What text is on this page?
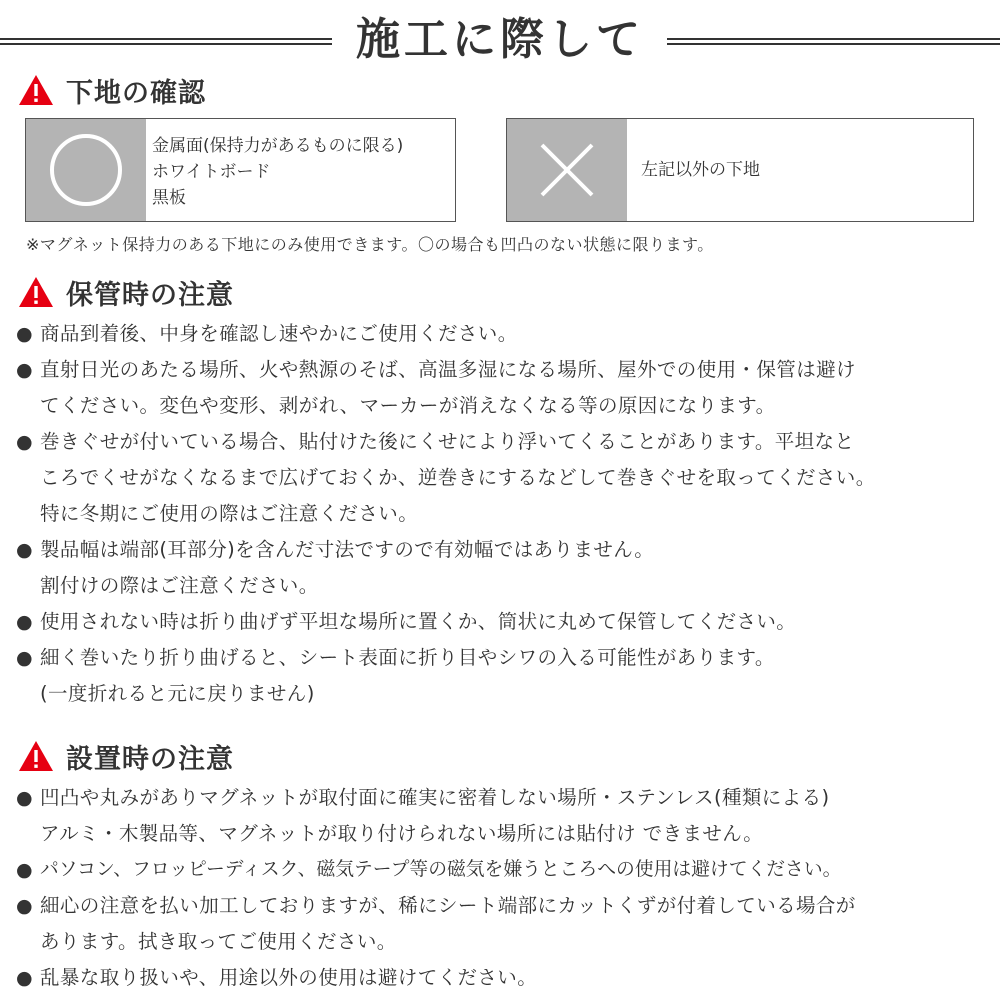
施工に際して
下地の確認
金属面(保持力があるものに限る)
ホワイトボード
黒板
左記以外の下地
※マグネット保持力のある下地にのみ使用できます。〇の場合も凹凸のない状態に限ります。
保管時の注意
● 商品到着後、中身を確認し速やかにご使用ください。
● 直射日光のあたる場所、火や熱源のそば、高温多湿になる場所、屋外での使用・保管は避け
てください。変色や変形、剥がれ、マーカーが消えなくなる等の原因になります。
● 巻きぐせが付いている場合、貼付けた後にくせにより浮いてくることがあります。平坦なと
ころでくせがなくなるまで広げておくか、逆巻きにするなどして巻きぐせを取ってください。
特に冬期にご使用の際はご注意ください。
● 製品幅は端部(耳部分)を含んだ寸法ですので有効幅ではありません。
割付けの際はご注意ください。
● 使用されない時は折り曲げず平坦な場所に置くか、筒状に丸めて保管してください。
● 細く巻いたり折り曲げると、シート表面に折り目やシワの入る可能性があります。
(一度折れると元に戻りません)
設置時の注意
● 凹凸や丸みがありマグネットが取付面に確実に密着しない場所・ステンレス(種類による)
アルミ・木製品等、マグネットが取り付けられない場所には貼付け できません。
● パソコン、フロッピーディスク、磁気テープ等の磁気を嫌うところへの使用は避けてください。
● 細心の注意を払い加工しておりますが、稀にシート端部にカットくずが付着している場合が
あります。拭き取ってご使用ください。
● 乱暴な取り扱いや、用途以外の使用は避けてください。
